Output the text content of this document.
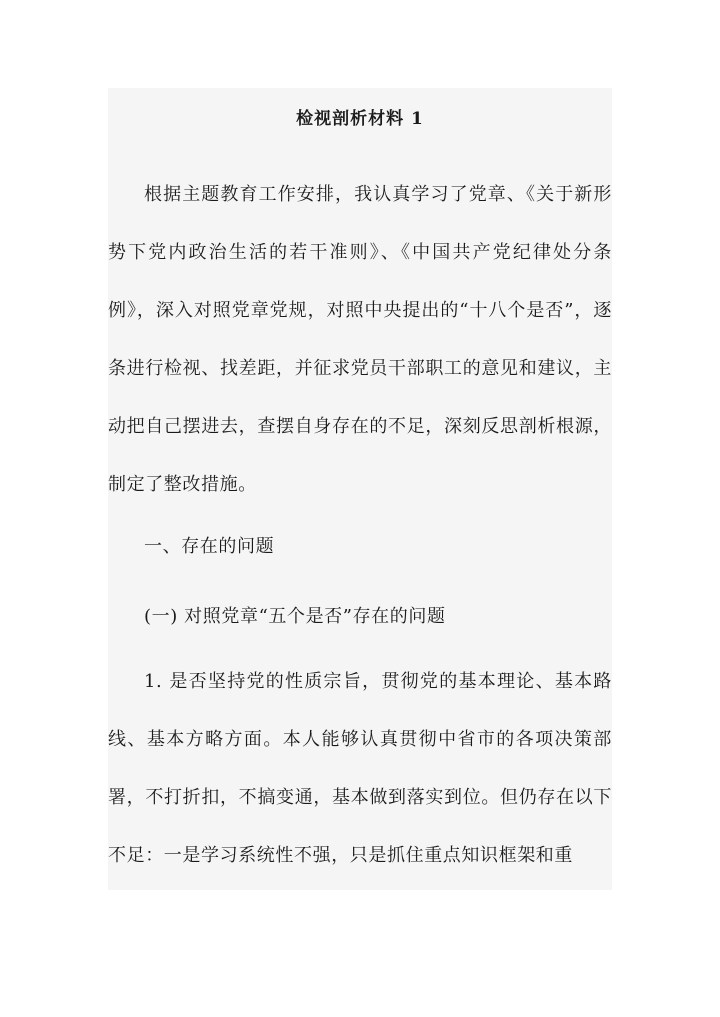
检视剖析材料 1

根据主题教育工作安排，我认真学习了党章、《关于新形势下党内政治生活的若干准则》、《中国共产党纪律处分条例》，深入对照党章党规，对照中央提出的“十八个是否”，逐条进行检视、找差距，并征求党员干部职工的意见和建议，主动把自己摆进去，查摆自身存在的不足，深刻反思剖析根源，制定了整改措施。

一、存在的问题

(一) 对照党章“五个是否”存在的问题

1. 是否坚持党的性质宗旨，贯彻党的基本理论、基本路线、基本方略方面。本人能够认真贯彻中省市的各项决策部署，不打折扣，不搞变通，基本做到落实到位。但仍存在以下不足：一是学习系统性不强，只是抓住重点知识框架和重
